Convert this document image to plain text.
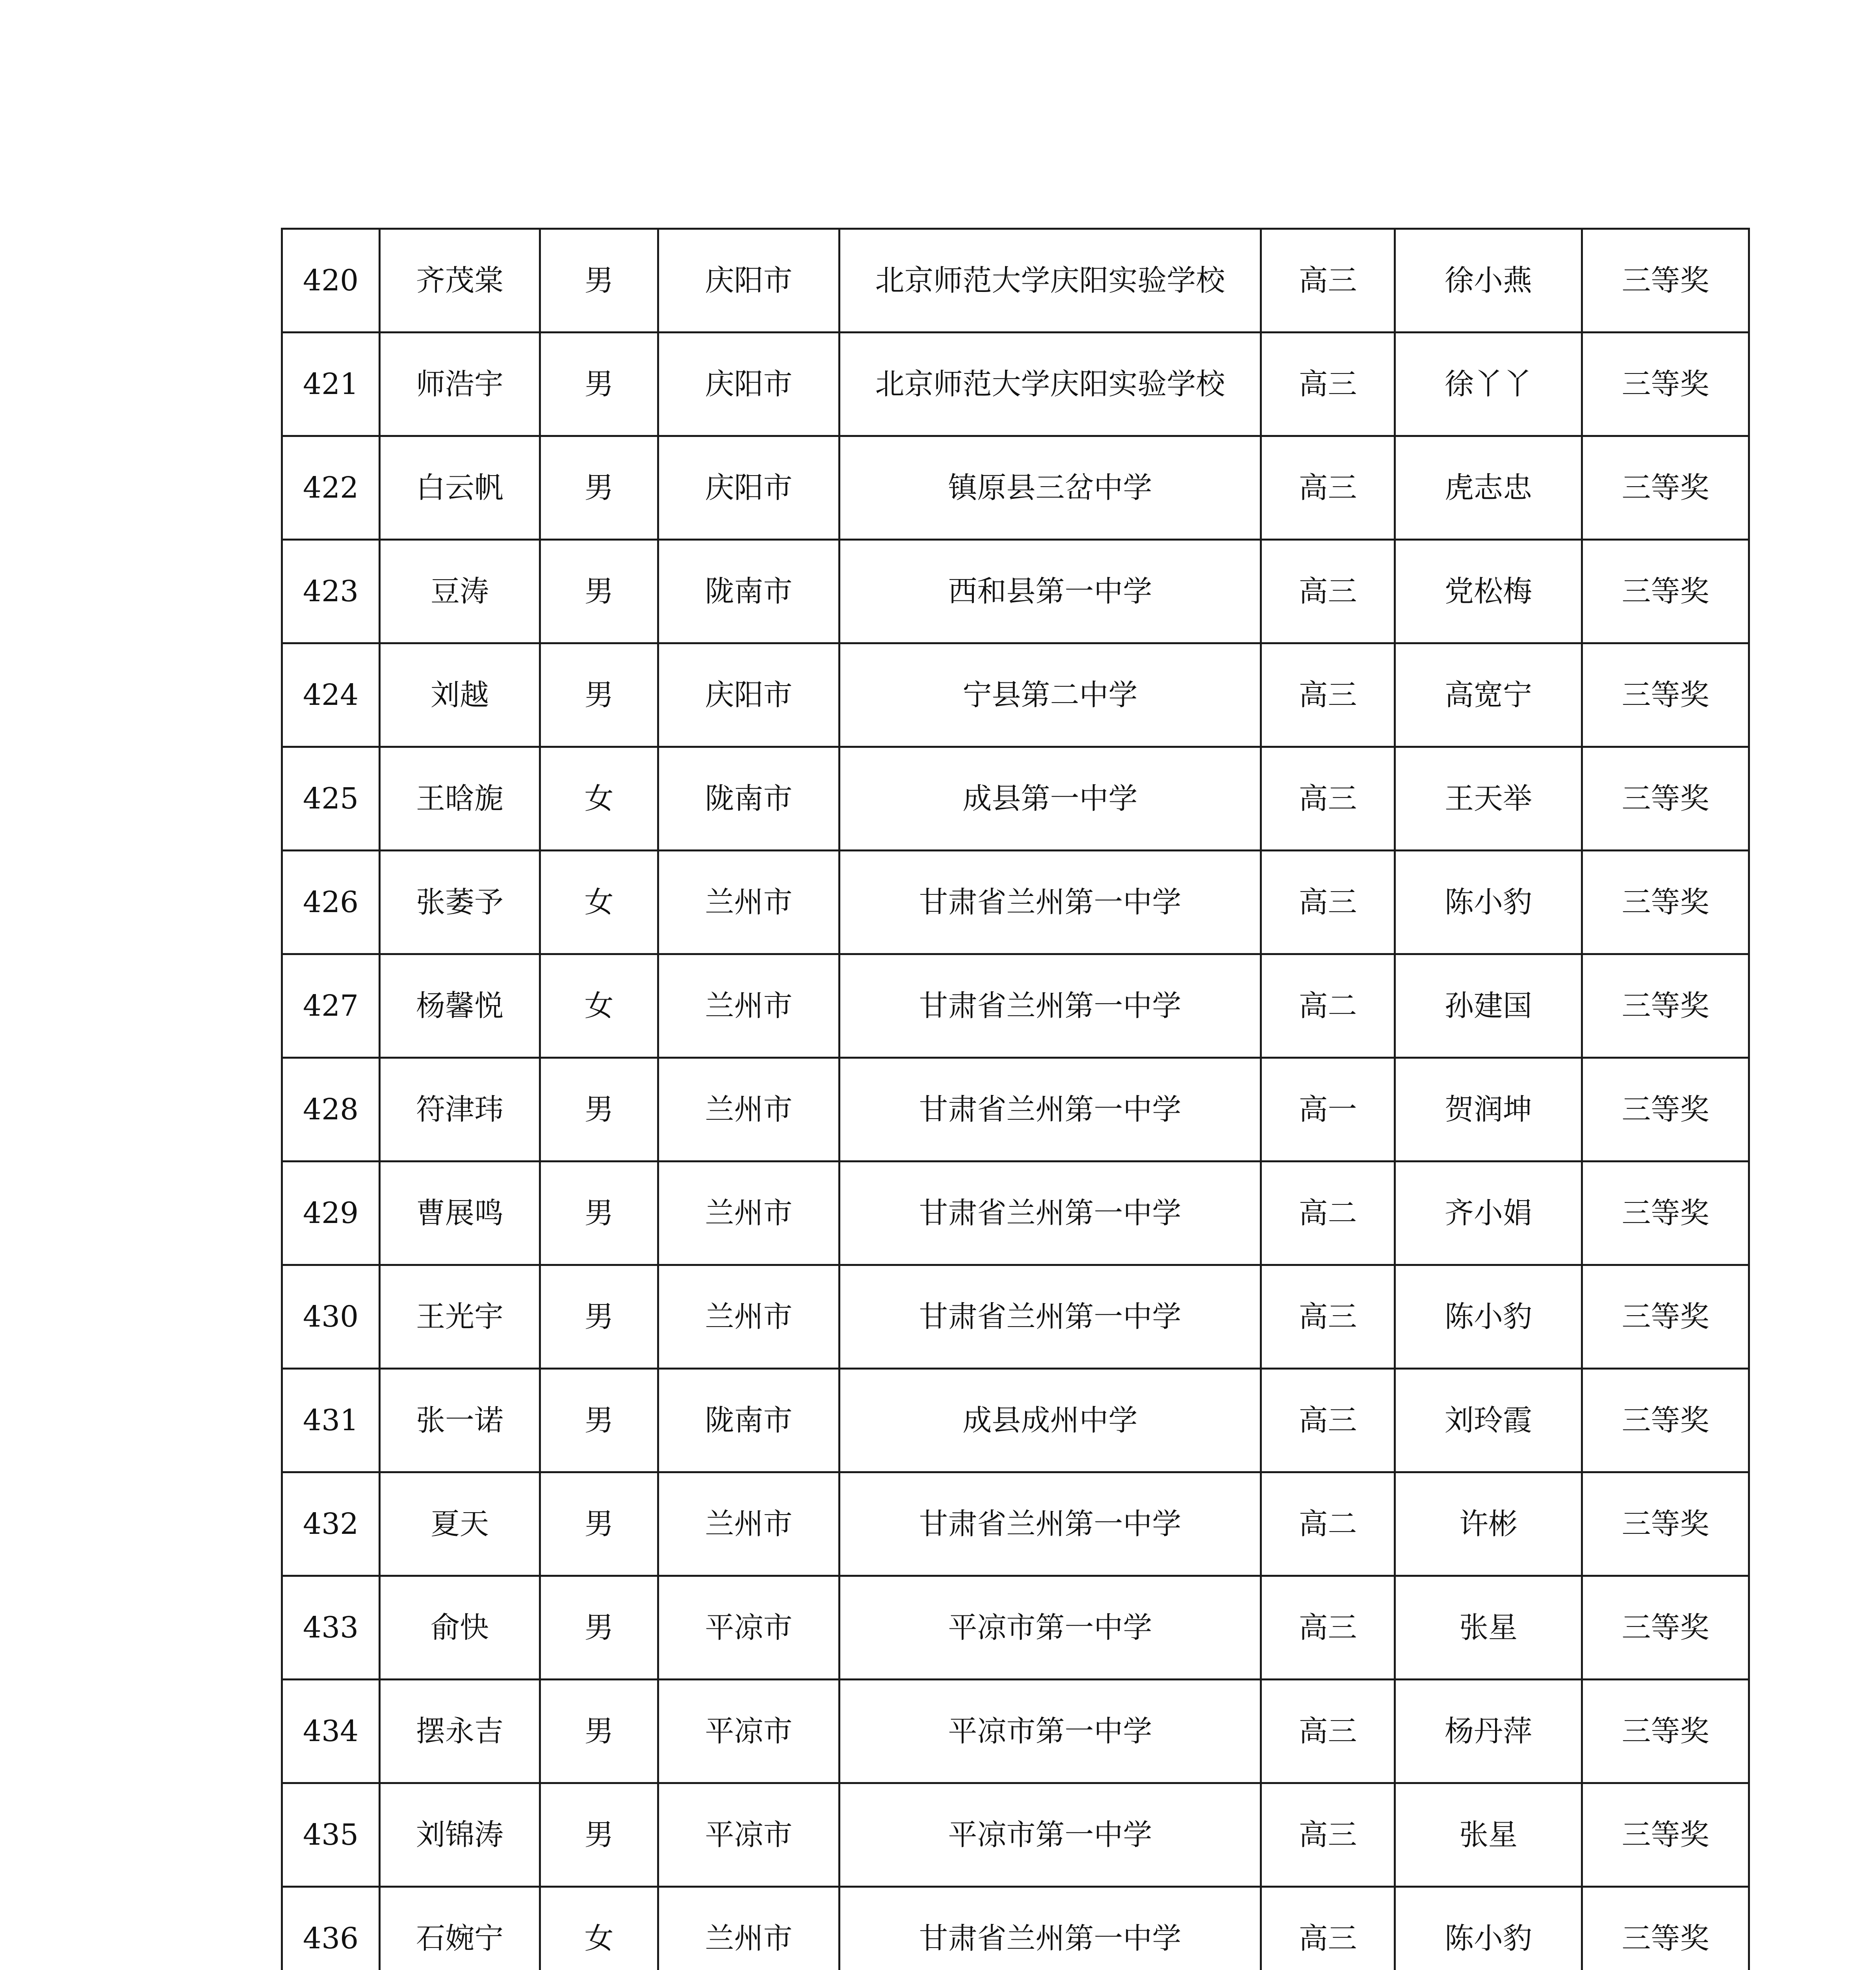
420	齐茂棠	男	庆阳市	北京师范大学庆阳实验学校	高三	徐小燕	三等奖
421	师浩宇	男	庆阳市	北京师范大学庆阳实验学校	高三	徐丫丫	三等奖
422	白云帆	男	庆阳市	镇原县三岔中学	高三	虎志忠	三等奖
423	豆涛	男	陇南市	西和县第一中学	高三	党松梅	三等奖
424	刘越	男	庆阳市	宁县第二中学	高三	高宽宁	三等奖
425	王晗旎	女	陇南市	成县第一中学	高三	王天举	三等奖
426	张萎予	女	兰州市	甘肃省兰州第一中学	高三	陈小豹	三等奖
427	杨馨悦	女	兰州市	甘肃省兰州第一中学	高二	孙建国	三等奖
428	符津玮	男	兰州市	甘肃省兰州第一中学	高一	贺润坤	三等奖
429	曹展鸣	男	兰州市	甘肃省兰州第一中学	高二	齐小娟	三等奖
430	王光宇	男	兰州市	甘肃省兰州第一中学	高三	陈小豹	三等奖
431	张一诺	男	陇南市	成县成州中学	高三	刘玲霞	三等奖
432	夏天	男	兰州市	甘肃省兰州第一中学	高二	许彬	三等奖
433	俞快	男	平凉市	平凉市第一中学	高三	张星	三等奖
434	摆永吉	男	平凉市	平凉市第一中学	高三	杨丹萍	三等奖
435	刘锦涛	男	平凉市	平凉市第一中学	高三	张星	三等奖
436	石婉宁	女	兰州市	甘肃省兰州第一中学	高三	陈小豹	三等奖
